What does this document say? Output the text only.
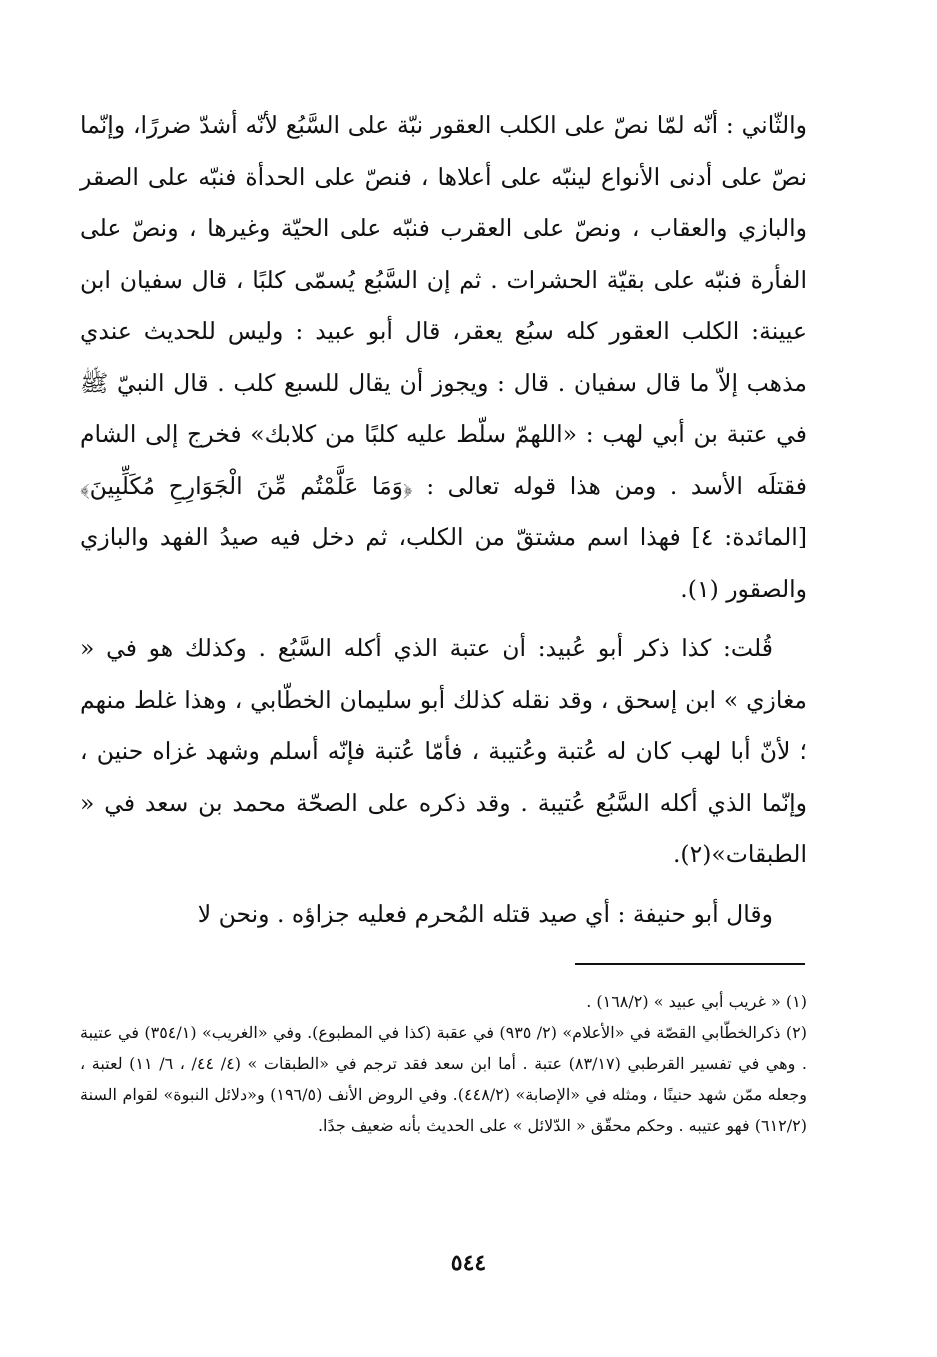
والثّاني : أنّه لمّا نصّ على الكلب العقور نبّة على السَّبُع لأنّه أشدّ ضررًا، وإنّما نصّ على أدنى الأنواع لينبّه على أعلاها ، فنصّ على الحدأة فنبّه على الصقر والبازي والعقاب ، ونصّ على العقرب فنبّه على الحيّة وغيرها ، ونصّ على الفأرة فنبّه على بقيّة الحشرات . ثم إن السَّبُع يُسمّى كلبًا ، قال سفيان ابن عيينة: الكلب العقور كله سبُع يعقر، قال أبو عبيد : وليس للحديث عندي مذهب إلاّ ما قال سفيان . قال : ويجوز أن يقال للسبع كلب . قال النبيّ ﷺ في عتبة بن أبي لهب : «اللهمّ سلّط عليه كلبًا من كلابك» فخرج إلى الشام فقتلَه الأسد . ومن هذا قوله تعالى : ﴿وَمَا عَلَّمْتُم مِّنَ الْجَوَارِحِ مُكَلِّبِينَ﴾ [المائدة: ٤] فهذا اسم مشتقّ من الكلب، ثم دخل فيه صيدُ الفهد والبازي والصقور (١).

قُلت: كذا ذكر أبو عُبيد: أن عتبة الذي أكله السَّبُع . وكذلك هو في « مغازي » ابن إسحق ، وقد نقله كذلك أبو سليمان الخطّابي ، وهذا غلط منهم ؛ لأنّ أبا لهب كان له عُتبة وعُتيبة ، فأمّا عُتبة فإنّه أسلم وشهد غزاه حنين ، وإنّما الذي أكله السَّبُع عُتيبة . وقد ذكره على الصحّة محمد بن سعد في « الطبقات»(٢).

وقال أبو حنيفة : أي صيد قتله المُحرم فعليه جزاؤه . ونحن لا

(١) « غريب أبي عبيد » (١٦٨/٢) .

(٢) ذكرالخطّابي القصّة في «الأعلام» (٢/ ٩٣٥) في عقبة (كذا في المطبوع). وفي «الغريب» (٣٥٤/١) في عتيبة . وهي في تفسير القرطبي (٨٣/١٧) عتبة . أما ابن سعد فقد ترجم في «الطبقات » (٤/ ٤٤/ ، ٦/ ١١) لعتبة ، وجعله ممّن شهد حنينًا ، ومثله في «الإصابة» (٤٤٨/٢). وفي الروض الأنف (١٩٦/٥) و«دلائل النبوة» لقوام السنة (٦١٢/٢) فهو عتيبه . وحكم محقّق « الدّلائل » على الحديث بأنه ضعيف جدًا.

٥٤٤
